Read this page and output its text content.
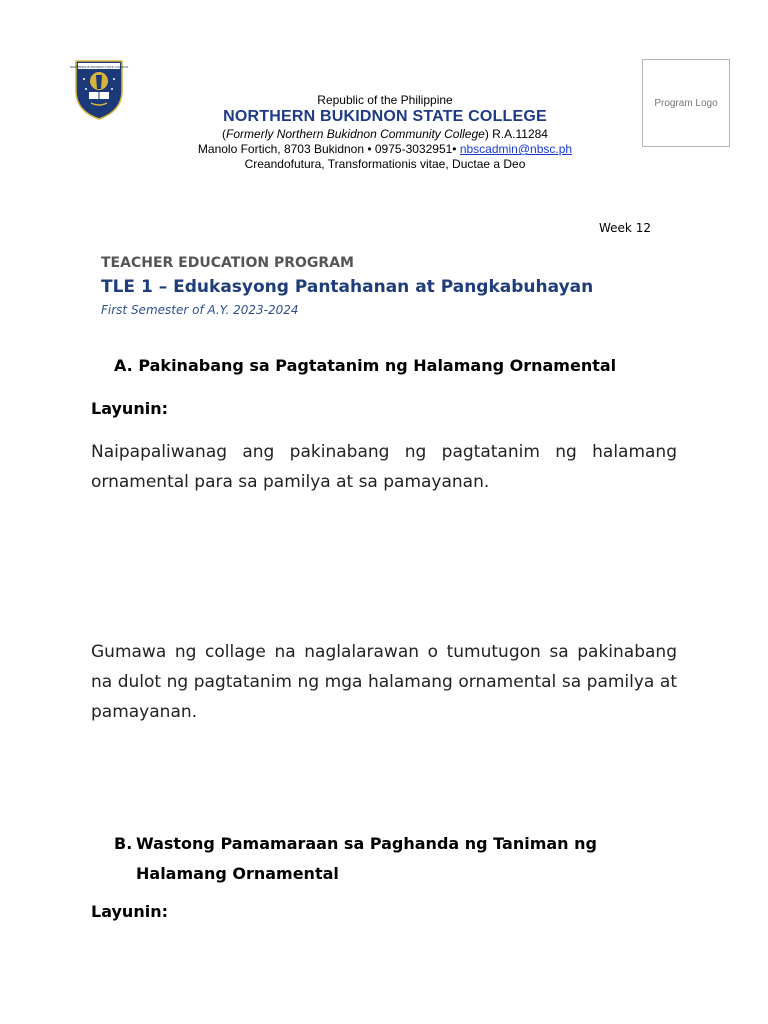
NORTHERN BUKIDNON STATE COLLEGE
Republic of the Philippine
NORTHERN BUKIDNON STATE COLLEGE
(Formerly Northern Bukidnon Community College) R.A.11284
Manolo Fortich, 8703 Bukidnon • 0975-3032951• nbscadmin@nbsc.ph
Creandofutura, Transformationis vitae, Ductae a Deo
Program Logo
Week 12
TEACHER EDUCATION PROGRAM
TLE 1 – Edukasyong Pantahanan at Pangkabuhayan
First Semester of A.Y. 2023-2024
A. Pakinabang sa Pagtatanim ng Halamang Ornamental
Layunin:
Naipapaliwanag ang pakinabang ng pagtatanim ng halamang ornamental para sa pamilya at sa pamayanan.
Gumawa ng collage na naglalarawan o tumutugon sa pakinabang na dulot ng pagtatanim ng mga halamang ornamental sa pamilya at pamayanan.
B. Wastong Pamamaraan sa Paghanda ng Taniman ng Halamang Ornamental
Layunin:
